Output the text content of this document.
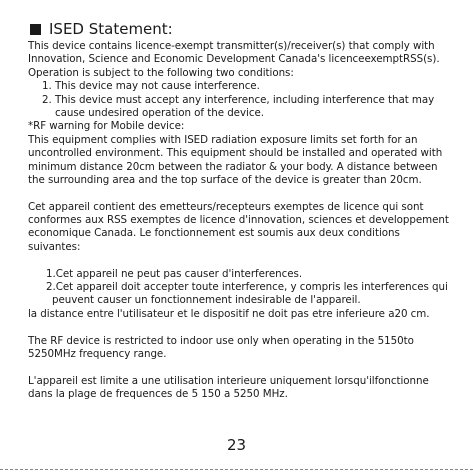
ISED Statement:
This device contains licence-exempt transmitter(s)/receiver(s) that comply with
Innovation, Science and Economic Development Canada's licenceexemptRSS(s).
Operation is subject to the following two conditions:
1. This device may not cause interference.
2. This device must accept any interference, including interference that may
cause undesired operation of the device.
*RF warning for Mobile device:
This equipment complies with ISED radiation exposure limits set forth for an
uncontrolled environment. This equipment should be installed and operated with
minimum distance 20cm between the radiator & your body. A distance between
the surrounding area and the top surface of the device is greater than 20cm.
Cet appareil contient des emetteurs/recepteurs exemptes de licence qui sont
conformes aux RSS exemptes de licence d'innovation, sciences et developpement
economique Canada. Le fonctionnement est soumis aux deux conditions
suivantes:
1.Cet appareil ne peut pas causer d'interferences.
2.Cet appareil doit accepter toute interference, y compris les interferences qui
peuvent causer un fonctionnement indesirable de l'appareil.
la distance entre l'utilisateur et le dispositif ne doit pas etre inferieure a20 cm.
The RF device is restricted to indoor use only when operating in the 5150to
5250MHz frequency range.
L'appareil est limite a une utilisation interieure uniquement lorsqu'ilfonctionne
dans la plage de frequences de 5 150 a 5250 MHz.
23
